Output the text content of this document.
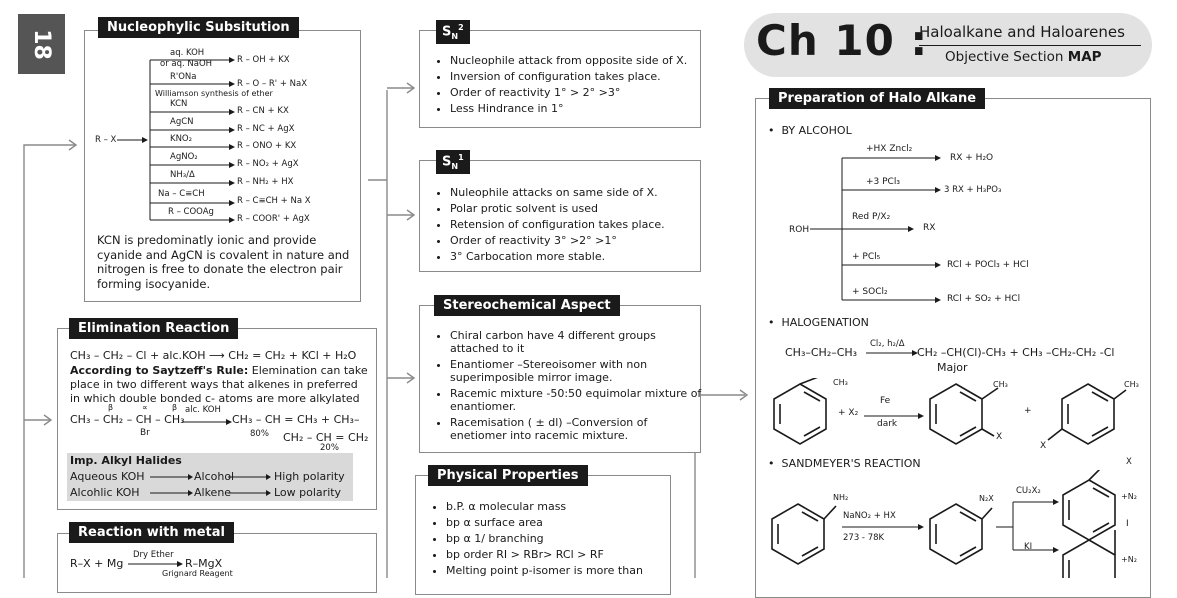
18
Nucleophylic Subsitution
R – X
aq. KOH
or aq. NaOH	R – OH + KX
R'ONa
R – O – R' + NaX
Williamson synthesis of ether
KCN
R – CN + KX
AgCN
R – NC + AgX
KNO₂
R – ONO + KX
AgNO₂
R – NO₂ + AgX
NH₃/Δ
R – NH₂ + HX
Na – C≡CH
R – C≡CH + Na X
R – COOAg
R – COOR' + AgX
KCN is predominatly ionic and provide cyanide and AgCN is covalent in nature and nitrogen is free to donate the electron pair forming isocyanide.
Elimination Reaction
CH₃ – CH₂ – Cl + alc.KOH ⟶ CH₂ = CH₂ + KCl + H₂O
According to Saytzeff's Rule: Elemination can take place in two different ways that alkenes in preferred in which double bonded c- atoms are more alkylated
β	∝	β
CH₃ – CH₂ – CH – CH₃
Br
alc. KOH
CH₃ – CH = CH₃ + CH₃–
80% CH₂ – CH = CH₂
20%
Imp. Alkyl Halides
Aqueous KOH	Alcohol	High polarity
Alcohlic KOH	Alkene	Low polarity
Reaction with metal
R–X + Mg
Dry Ether
R–MgX
Grignard Reagent
$S_N^2$
• Nucleophile attack from opposite side of X.
• Inversion of configuration takes place.
• Order of reactivity 1° > 2° >3°
• Less Hindrance in 1°
$S_N^1$
• Nuleophile attacks on same side of X.
• Polar protic solvent is used
• Retension of configuration takes place.
• Order of reactivity 3° >2° >1°
• 3° Carbocation more stable.
Stereochemical Aspect
• Chiral carbon have 4 different groups attached to it
• Enantiomer –Stereoisomer with non superimposible mirror image.
• Racemic mixture -50:50 equimolar mixture of enantiomer.
• Racemisation ( ± dl) –Conversion of enetiomer into racemic mixture.
Physical Properties
• b.P. α molecular mass
• bp α surface area
• bp α 1/ branching
• bp order RI > RBr> RCl > RF
• Melting point p-isomer is more than
Ch 10 :
Haloalkane and Haloarenes
Objective Section MAP
Preparation of Halo Alkane
•  BY ALCOHOL
ROH
+HX Zncl₂
RX + H₂O
+3 PCl₃
3 RX + H₃PO₃
Red P/X₂
RX
+ PCl₅
RCl + POCl₃ + HCl
+ SOCl₂
RCl + SO₂ + HCl
•  HALOGENATION
CH₃–CH₂–CH₃
Cl₂, h₂/Δ
CH₂ –CH(Cl)-CH₃ + CH₃ –CH₂-CH₂ -Cl
Major
CH₃
+ X₂
Fe
dark
CH₃
X
+
CH₃
X
•  SANDMEYER'S REACTION
NH₂
NaNO₂ + HX
273 - 78K
N₂X
CU₂X₂
KI
X
+N₂
I
+N₂
